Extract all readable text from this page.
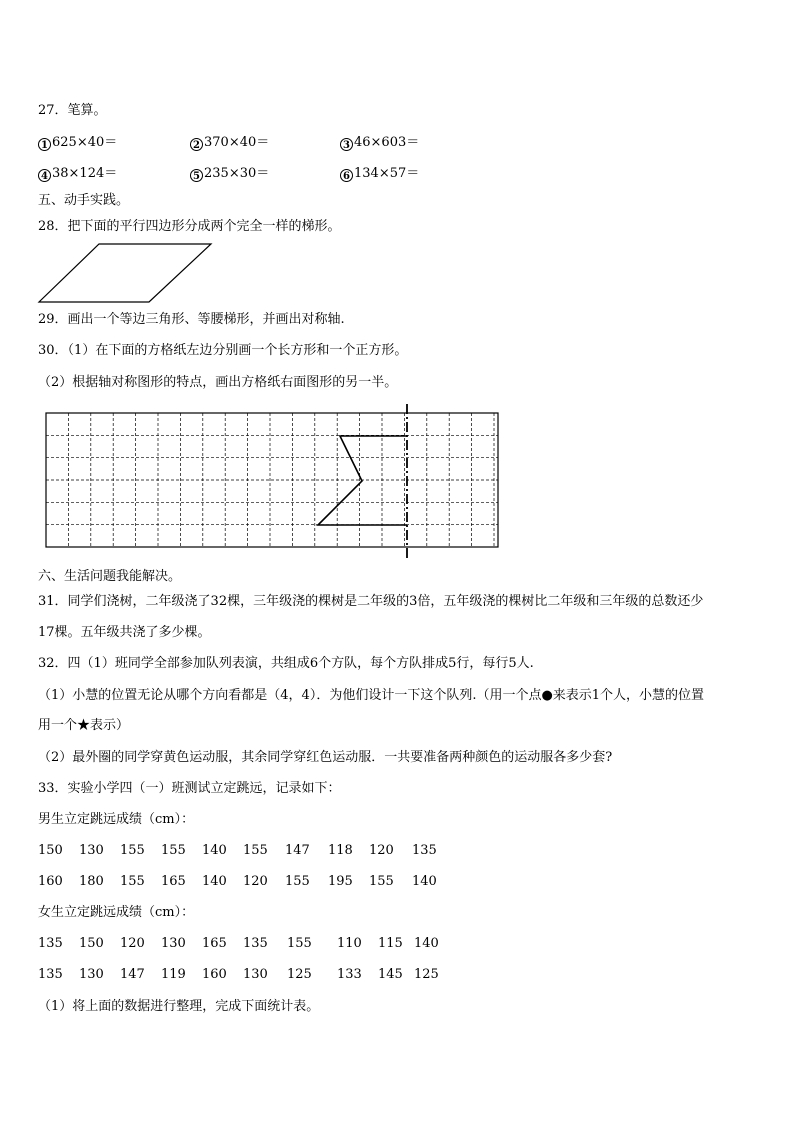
27．笔算。
1 625×40＝	2 370×40＝	3 46×603＝
4 38×124＝	5 235×30＝	6 134×57＝
五、动手实践。
28．把下面的平行四边形分成两个完全一样的梯形。
29．画出一个等边三角形、等腰梯形，并画出对称轴.
30．（1）在下面的方格纸左边分别画一个长方形和一个正方形。
（2）根据轴对称图形的特点，画出方格纸右面图形的另一半。
六、生活问题我能解决。
31．同学们浇树，二年级浇了32棵，三年级浇的棵树是二年级的3倍，五年级浇的棵树比二年级和三年级的总数还少
17棵。五年级共浇了多少棵。
32．四（1）班同学全部参加队列表演，共组成6个方队，每个方队排成5行，每行5人.
（1）小慧的位置无论从哪个方向看都是（4，4）．为他们设计一下这个队列.（用一个点●来表示1个人，小慧的位置
用一个★表示）
（2）最外圈的同学穿黄色运动服，其余同学穿红色运动服．一共要准备两种颜色的运动服各多少套?
33．实验小学四（一）班测试立定跳远，记录如下：
男生立定跳远成绩（cm）：
150 130 155 155 140 155 147 118 120 135
160 180 155 165 140 120 155 195 155 140
女生立定跳远成绩（cm）：
135 150 120 130 165 135 155 110 115 140
135 130 147 119 160 130 125 133 145 125
（1）将上面的数据进行整理，完成下面统计表。
